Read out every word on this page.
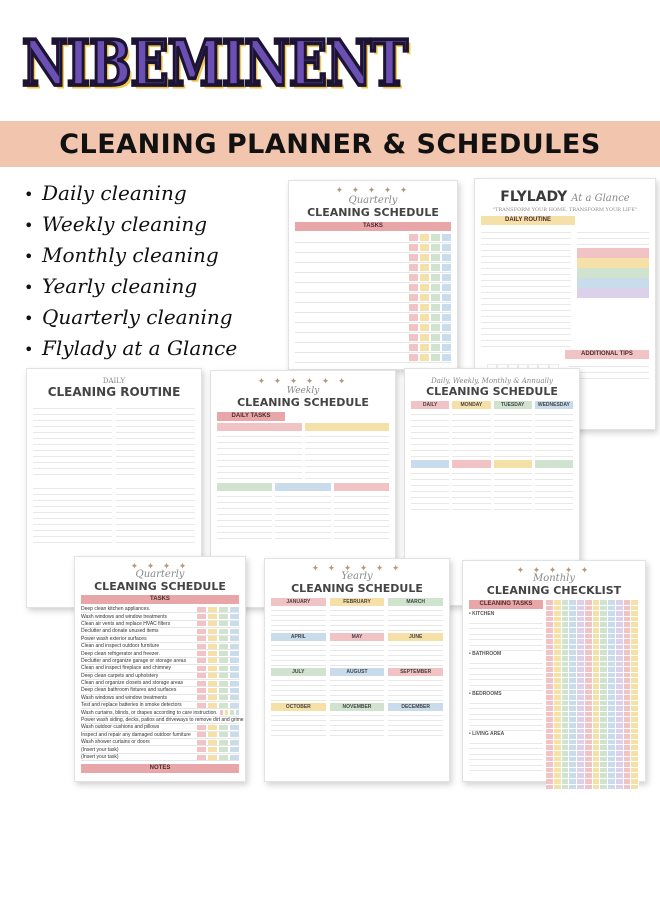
NIBEMINENT
CLEANING PLANNER & SCHEDULES
• Daily cleaning
• Weekly cleaning
• Monthly cleaning
• Yearly cleaning
• Quarterly cleaning
• Flylady at a Glance
✦ ✦ ✦ ✦ ✦
Quarterly
CLEANING SCHEDULE
TASKS

FLYLADY At a Glance
"TRANSFORM YOUR HOME, TRANSFORM YOUR LIFE"
DAILY ROUTINE
ADDITIONAL TIPS
DAILY
CLEANING ROUTINE
✦ ✦ ✦ ✦ ✦ ✦
Weekly
CLEANING SCHEDULE
DAILY TASKS

Daily, Weekly, Monthly & Annually
CLEANING SCHEDULE
DAILY	MONDAY	TUESDAY	WEDNESDAY

✦ ✦ ✦ ✦
Quarterly
CLEANING SCHEDULE
TASKS
Deep clean kitchen appliances.
Wash windows and window treatments
Clean air vents and replace HVAC filters
Declutter and donate unused items
Power wash exterior surfaces
Clean and inspect outdoor furniture
Deep clean refrigerator and freezer.
Declutter and organize garage or storage areas
Clean and inspect fireplace and chimney
Deep clean carpets and upholstery
Clean and organize closets and storage areas
Deep clean bathroom fixtures and surfaces
Wash windows and window treatments
Test and replace batteries in smoke detectors
Wash curtains, blinds, or drapes according to care instruction.
Power wash siding, decks, patios and driveways to remove dirt and grime
Wash outdoor cushions and pillows
Inspect and repair any damaged outdoor furniture
Wash shower curtains or doors
(Insert your task)
(Insert your task)
NOTES
✦ ✦ ✦ ✦ ✦ ✦
Yearly
CLEANING SCHEDULE
JANUARY	FEBRUARY	MARCH
APRIL	MAY	JUNE
JULY	AUGUST	SEPTEMBER
OCTOBER	NOVEMBER	DECEMBER
✦ ✦ ✦ ✦ ✦
Monthly
CLEANING CHECKLIST
CLEANING TASKS
• KITCHEN
• BATHROOM
• BEDROOMS
• LIVING AREA
